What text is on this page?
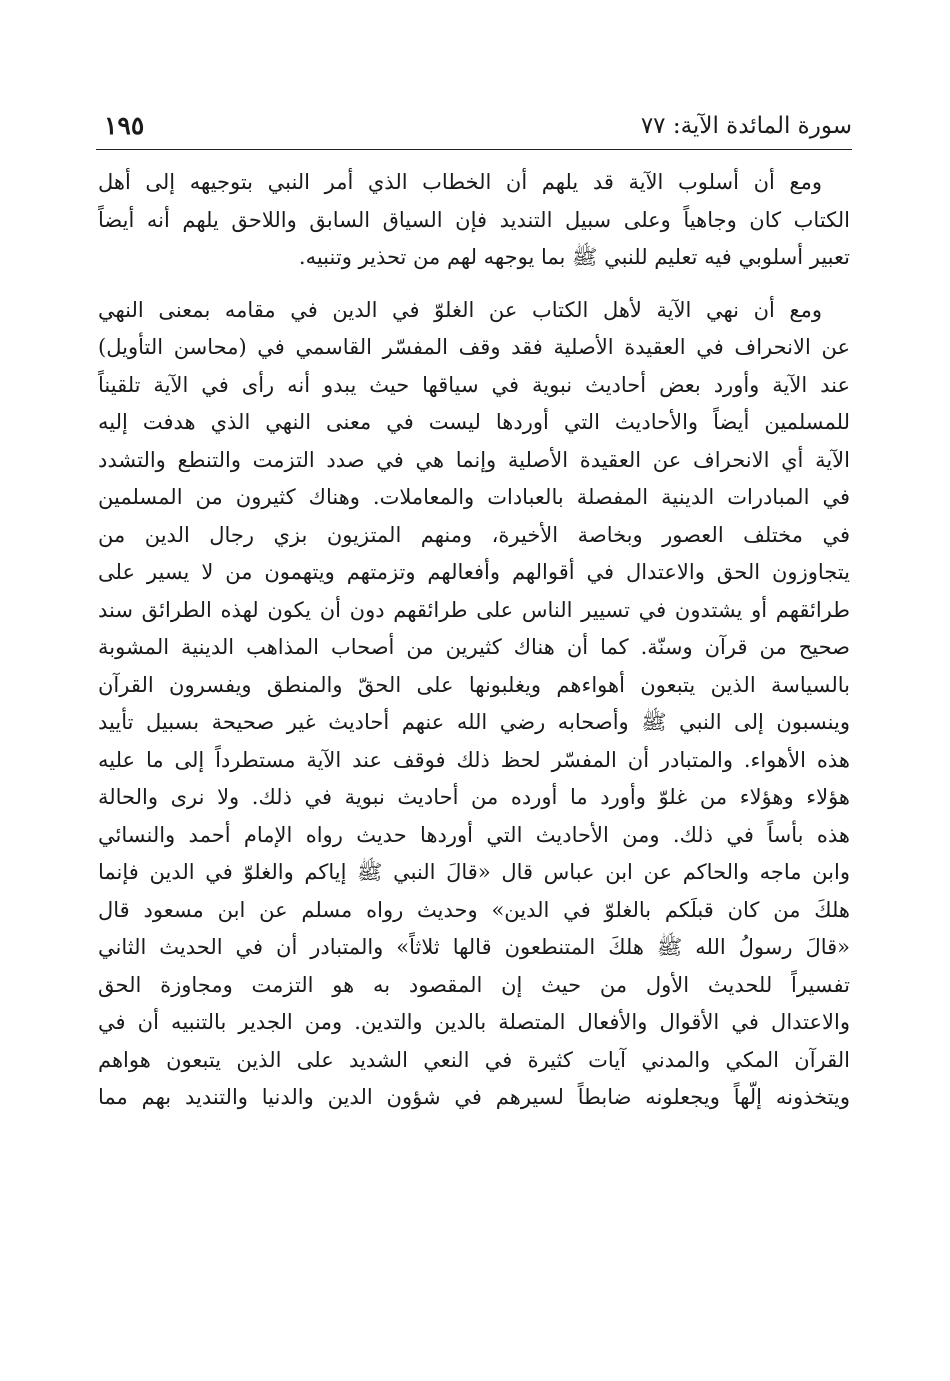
سورة المائدة الآية: ٧٧
١٩٥
ومع أن أسلوب الآية قد يلهم أن الخطاب الذي أمر النبي بتوجيهه إلى أهل
الكتاب كان وجاهياً وعلى سبيل التنديد فإن السياق السابق واللاحق يلهم أنه أيضاً
تعبير أسلوبي فيه تعليم للنبي ﷺ بما يوجهه لهم من تحذير وتنبيه.
ومع أن نهي الآية لأهل الكتاب عن الغلوّ في الدين في مقامه بمعنى النهي
عن الانحراف في العقيدة الأصلية فقد وقف المفسّر القاسمي في (محاسن التأويل)
عند الآية وأورد بعض أحاديث نبوية في سياقها حيث يبدو أنه رأى في الآية تلقيناً
للمسلمين أيضاً والأحاديث التي أوردها ليست في معنى النهي الذي هدفت إليه
الآية أي الانحراف عن العقيدة الأصلية وإنما هي في صدد التزمت والتنطع والتشدد
في المبادرات الدينية المفصلة بالعبادات والمعاملات. وهناك كثيرون من المسلمين
في مختلف العصور وبخاصة الأخيرة، ومنهم المتزيون بزي رجال الدين من
يتجاوزون الحق والاعتدال في أقوالهم وأفعالهم وتزمتهم ويتهمون من لا يسير على
طرائقهم أو يشتدون في تسيير الناس على طرائقهم دون أن يكون لهذه الطرائق سند
صحيح من قرآن وسنّة. كما أن هناك كثيرين من أصحاب المذاهب الدينية المشوبة
بالسياسة الذين يتبعون أهواءهم ويغلبونها على الحقّ والمنطق ويفسرون القرآن
وينسبون إلى النبي ﷺ وأصحابه رضي الله عنهم أحاديث غير صحيحة بسبيل تأييد
هذه الأهواء. والمتبادر أن المفسّر لحظ ذلك فوقف عند الآية مستطرداً إلى ما عليه
هؤلاء وهؤلاء من غلوّ وأورد ما أورده من أحاديث نبوية في ذلك. ولا نرى والحالة
هذه بأساً في ذلك. ومن الأحاديث التي أوردها حديث رواه الإمام أحمد والنسائي
وابن ماجه والحاكم عن ابن عباس قال «قالَ النبي ﷺ إياكم والغلوّ في الدين فإنما
هلكَ من كان قبلَكم بالغلوّ في الدين» وحديث رواه مسلم عن ابن مسعود قال
«قالَ رسولُ الله ﷺ هلكَ المتنطعون قالها ثلاثاً» والمتبادر أن في الحديث الثاني
تفسيراً للحديث الأول من حيث إن المقصود به هو التزمت ومجاوزة الحق
والاعتدال في الأقوال والأفعال المتصلة بالدين والتدين. ومن الجدير بالتنبيه أن في
القرآن المكي والمدني آيات كثيرة في النعي الشديد على الذين يتبعون هواهم
ويتخذونه إلّهاً ويجعلونه ضابطاً لسيرهم في شؤون الدين والدنيا والتنديد بهم مما
